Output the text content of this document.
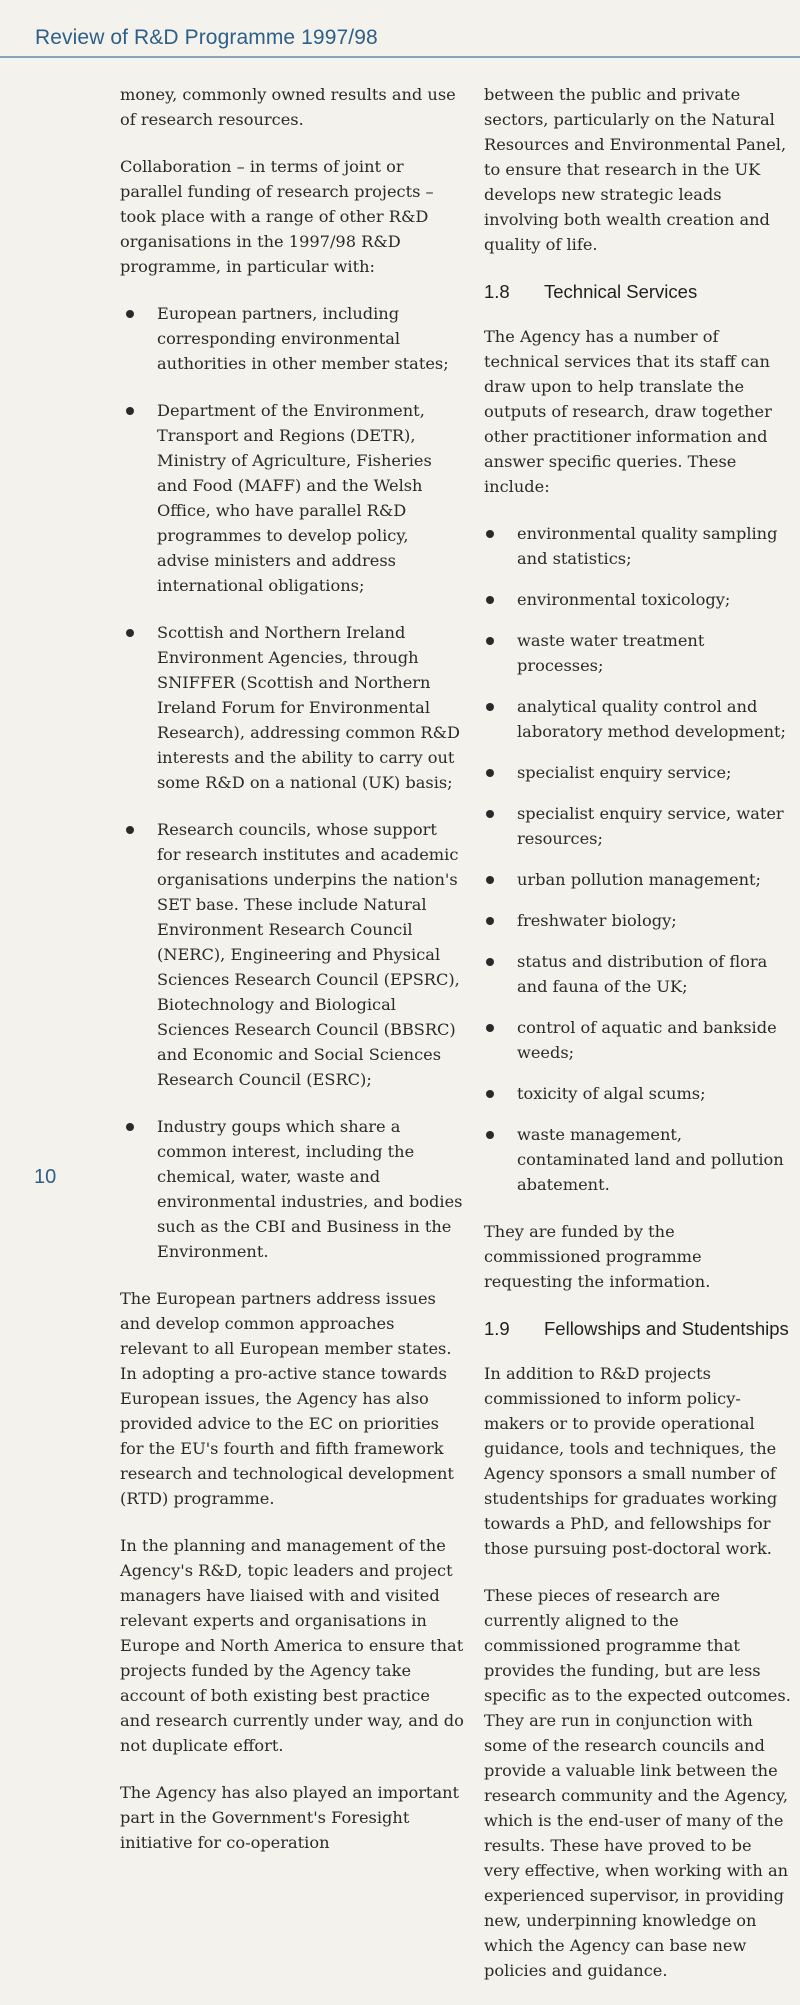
Review of R&D Programme 1997/98

money, commonly owned results and use of research resources.

Collaboration – in terms of joint or parallel funding of research projects – took place with a range of other R&D organisations in the 1997/98 R&D programme, in particular with:

European partners, including corresponding environmental authorities in other member states;
Department of the Environment, Transport and Regions (DETR), Ministry of Agriculture, Fisheries and Food (MAFF) and the Welsh Office, who have parallel R&D programmes to develop policy, advise ministers and address international obligations;
Scottish and Northern Ireland Environment Agencies, through SNIFFER (Scottish and Northern Ireland Forum for Environmental Research), addressing common R&D interests and the ability to carry out some R&D on a national (UK) basis;
Research councils, whose support for research institutes and academic organisations underpins the nation's SET base. These include Natural Environment Research Council (NERC), Engineering and Physical Sciences Research Council (EPSRC), Biotechnology and Biological Sciences Research Council (BBSRC) and Economic and Social Sciences Research Council (ESRC);
Industry goups which share a common interest, including the chemical, water, waste and environmental industries, and bodies such as the CBI and Business in the Environment.

The European partners address issues and develop common approaches relevant to all European member states. In adopting a pro-active stance towards European issues, the Agency has also provided advice to the EC on priorities for the EU's fourth and fifth framework research and technological development (RTD) programme.

In the planning and management of the Agency's R&D, topic leaders and project managers have liaised with and visited relevant experts and organisations in Europe and North America to ensure that projects funded by the Agency take account of both existing best practice and research currently under way, and do not duplicate effort.

The Agency has also played an important part in the Government's Foresight initiative for co-operation

between the public and private sectors, particularly on the Natural Resources and Environmental Panel, to ensure that research in the UK develops new strategic leads involving both wealth creation and quality of life.

1.8	Technical Services

The Agency has a number of technical services that its staff can draw upon to help translate the outputs of research, draw together other practitioner information and answer specific queries. These include:

environmental quality sampling and statistics;
environmental toxicology;
waste water treatment processes;
analytical quality control and laboratory method development;
specialist enquiry service;
specialist enquiry service, water resources;
urban pollution management;
freshwater biology;
status and distribution of flora and fauna of the UK;
control of aquatic and bankside weeds;
toxicity of algal scums;
waste management, contaminated land and pollution abatement.

They are funded by the commissioned programme requesting the information.

1.9	Fellowships and Studentships

In addition to R&D projects commissioned to inform policy-makers or to provide operational guidance, tools and techniques, the Agency sponsors a small number of studentships for graduates working towards a PhD, and fellowships for those pursuing post-doctoral work.

These pieces of research are currently aligned to the commissioned programme that provides the funding, but are less specific as to the expected outcomes. They are run in conjunction with some of the research councils and provide a valuable link between the research community and the Agency, which is the end-user of many of the results. These have proved to be very effective, when working with an experienced supervisor, in providing new, underpinning knowledge on which the Agency can base new policies and guidance.

10
